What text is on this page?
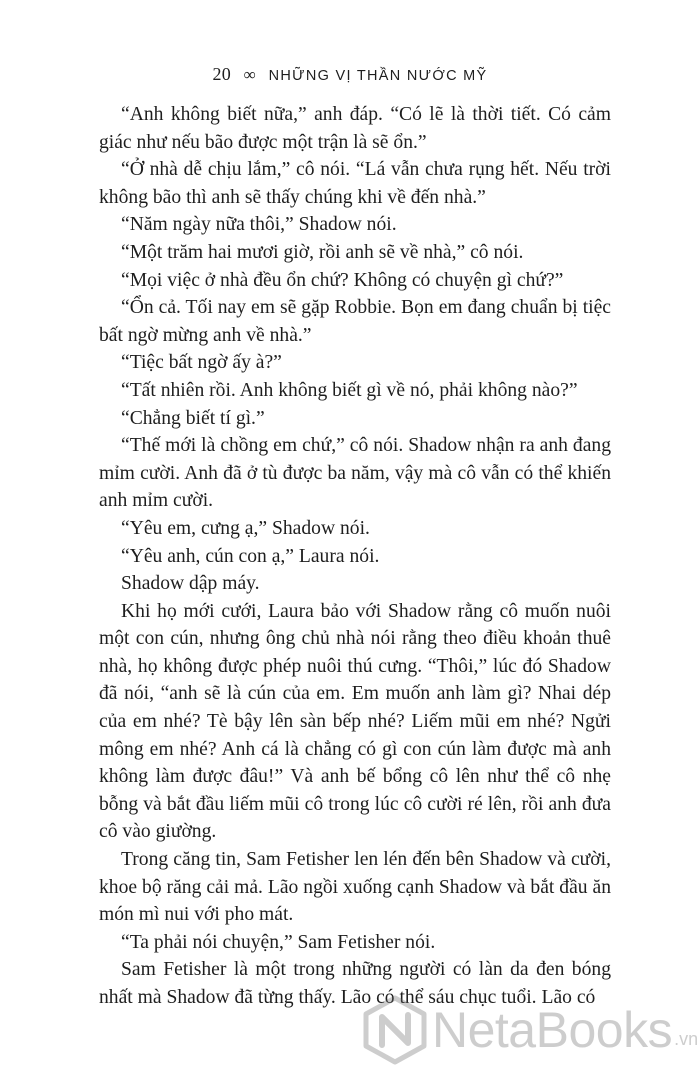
20 ∞ NHỮNG VỊ THẦN NƯỚC MỸ

“Anh không biết nữa,” anh đáp. “Có lẽ là thời tiết. Có cảm giác như nếu bão được một trận là sẽ ổn.”

“Ở nhà dễ chịu lắm,” cô nói. “Lá vẫn chưa rụng hết. Nếu trời không bão thì anh sẽ thấy chúng khi về đến nhà.”

“Năm ngày nữa thôi,” Shadow nói.

“Một trăm hai mươi giờ, rồi anh sẽ về nhà,” cô nói.

“Mọi việc ở nhà đều ổn chứ? Không có chuyện gì chứ?”

“Ổn cả. Tối nay em sẽ gặp Robbie. Bọn em đang chuẩn bị tiệc bất ngờ mừng anh về nhà.”

“Tiệc bất ngờ ấy à?”

“Tất nhiên rồi. Anh không biết gì về nó, phải không nào?”

“Chẳng biết tí gì.”

“Thế mới là chồng em chứ,” cô nói. Shadow nhận ra anh đang mỉm cười. Anh đã ở tù được ba năm, vậy mà cô vẫn có thể khiến anh mỉm cười.

“Yêu em, cưng ạ,” Shadow nói.

“Yêu anh, cún con ạ,” Laura nói.

Shadow dập máy.

Khi họ mới cưới, Laura bảo với Shadow rằng cô muốn nuôi một con cún, nhưng ông chủ nhà nói rằng theo điều khoản thuê nhà, họ không được phép nuôi thú cưng. “Thôi,” lúc đó Shadow đã nói, “anh sẽ là cún của em. Em muốn anh làm gì? Nhai dép của em nhé? Tè bậy lên sàn bếp nhé? Liếm mũi em nhé? Ngửi mông em nhé? Anh cá là chẳng có gì con cún làm được mà anh không làm được đâu!” Và anh bế bổng cô lên như thể cô nhẹ bỗng và bắt đầu liếm mũi cô trong lúc cô cười ré lên, rồi anh đưa cô vào giường.

Trong căng tin, Sam Fetisher len lén đến bên Shadow và cười, khoe bộ răng cải mả. Lão ngồi xuống cạnh Shadow và bắt đầu ăn món mì nui với pho mát.

“Ta phải nói chuyện,” Sam Fetisher nói.

Sam Fetisher là một trong những người có làn da đen bóng nhất mà Shadow đã từng thấy. Lão có thể sáu chục tuổi. Lão có

NetaBooks .vn
